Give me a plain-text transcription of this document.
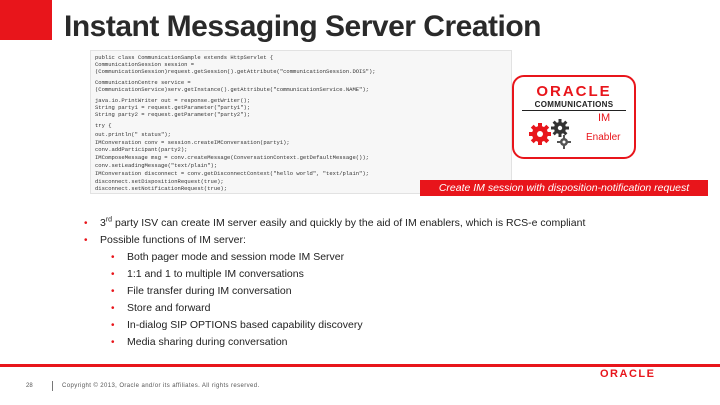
Instant Messaging Server Creation
public class CommunicationSample extends HttpServlet {
CommunicationSession session =
(CommunicationSession)request.getSession().getAttribute("communicationSession.DOIS");
CommunicationCentre service =
(CommunicationService)serv.getInstance().getAttribute("communicationService.NAME");
java.io.PrintWriter out = response.getWriter();
String party1 = request.getParameter("party1");
String party2 = request.getParameter("party2");
try {
out.println(" status");
IMConversation conv = session.createIMConversation(party1);
conv.addParticipant(party2);
IMComposeMessage msg = conv.createMessage(ConversationContext.getDefaultMessage());
conv.setLeadingMessage("text/plain");
IMConversation disconnect = conv.getDisconnectContext("hello world", "text/plain");
disconnect.setDispositionRequest(true);
disconnect.setNotificationRequest(true);
ORACLE
COMMUNICATIONS
IM
Enabler
Create IM session with disposition-notification request
• 3rd party ISV can create IM server easily and quickly by the aid of IM enablers, which is RCS-e compliant
• Possible functions of IM server:
• Both pager mode and session mode IM Server
• 1:1 and 1 to multiple IM conversations
• File transfer during IM conversation
• Store and forward
• In-dialog SIP OPTIONS based capability discovery
• Media sharing during conversation
28	Copyright © 2013, Oracle and/or its affiliates. All rights reserved.
ORACLE
